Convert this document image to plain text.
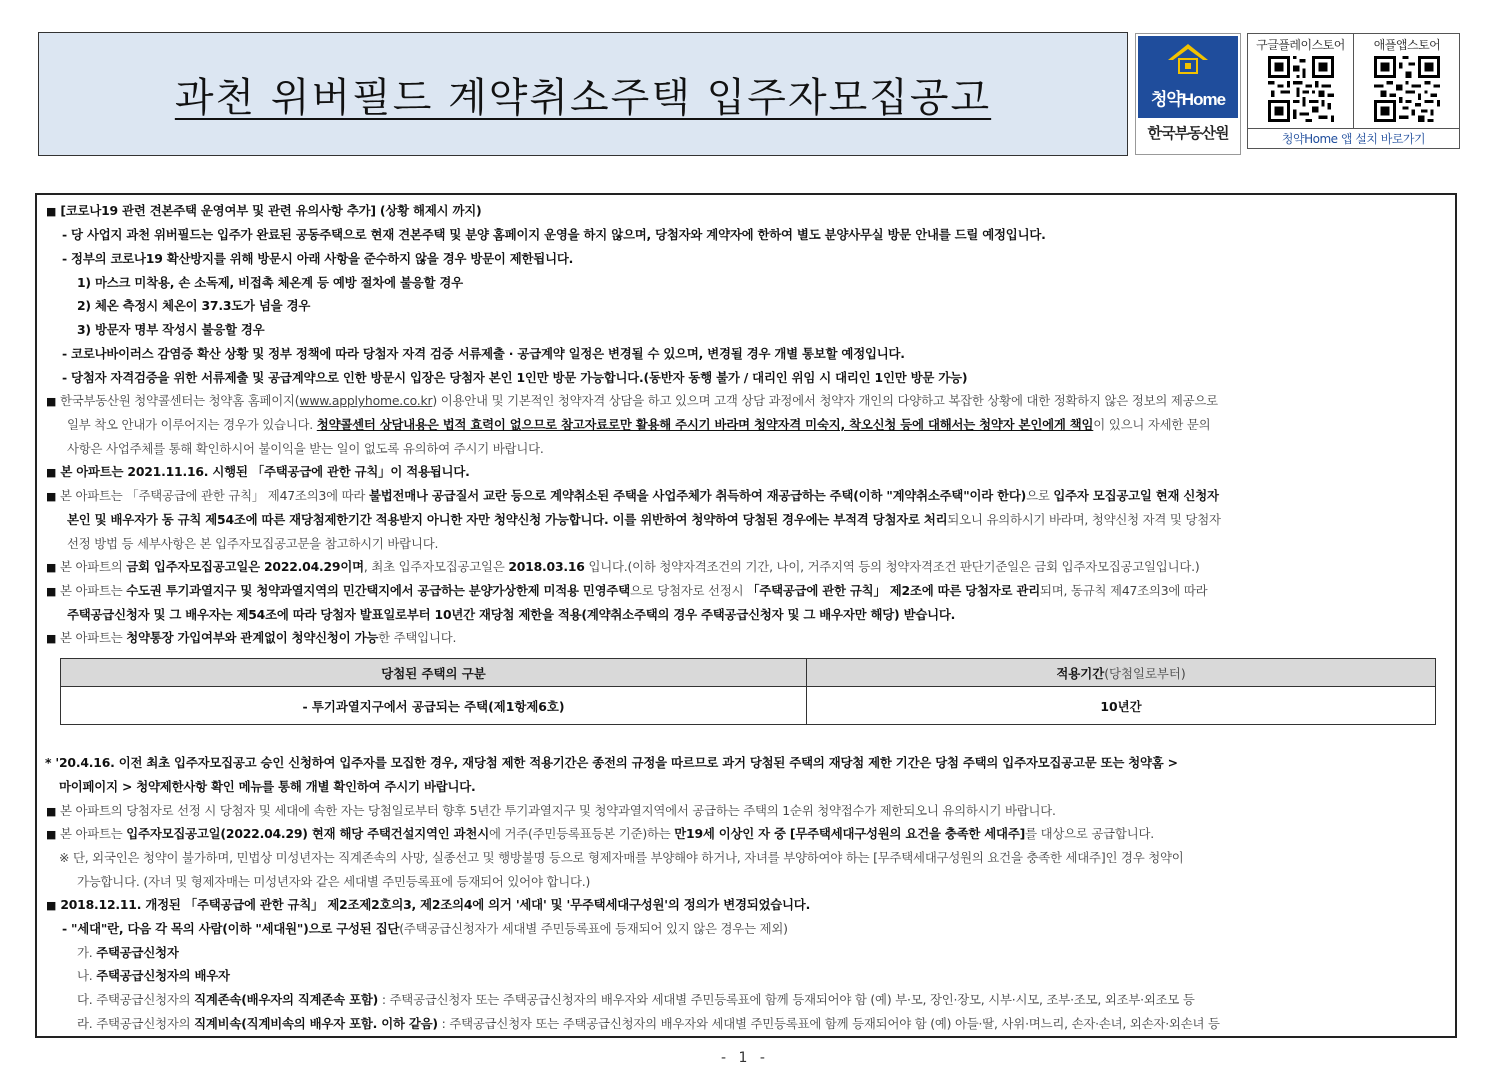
과천 위버필드 계약취소주택 입주자모집공고	청약Home
한국부동산원
구글플레이스토어	애플앱스토어
청약Home 앱 설치 바로가기
■ [코로나19 관련 견본주택 운영여부 및 관련 유의사항 추가] (상황 해제시 까지)
- 당 사업지 과천 위버필드는 입주가 완료된 공동주택으로 현재 견본주택 및 분양 홈페이지 운영을 하지 않으며, 당첨자와 계약자에 한하여 별도 분양사무실 방문 안내를 드릴 예정입니다.
- 정부의 코로나19 확산방지를 위해 방문시 아래 사항을 준수하지 않을 경우 방문이 제한됩니다.
1) 마스크 미착용, 손 소독제, 비접촉 체온계 등 예방 절차에 불응할 경우
2) 체온 측정시 체온이 37.3도가 넘을 경우
3) 방문자 명부 작성시 불응할 경우
- 코로나바이러스 감염증 확산 상황 및 정부 정책에 따라 당첨자 자격 검증 서류제출 · 공급계약 일정은 변경될 수 있으며, 변경될 경우 개별 통보할 예정입니다.
- 당첨자 자격검증을 위한 서류제출 및 공급계약으로 인한 방문시 입장은 당첨자 본인 1인만 방문 가능합니다.(동반자 동행 불가 / 대리인 위임 시 대리인 1인만 방문 가능)
■ 한국부동산원 청약콜센터는 청약홈 홈페이지(www.applyhome.co.kr) 이용안내 및 기본적인 청약자격 상담을 하고 있으며 고객 상담 과정에서 청약자 개인의 다양하고 복잡한 상황에 대한 정확하지 않은 정보의 제공으로
일부 착오 안내가 이루어지는 경우가 있습니다. 청약콜센터 상담내용은 법적 효력이 없으므로 참고자료로만 활용해 주시기 바라며 청약자격 미숙지, 착오신청 등에 대해서는 청약자 본인에게 책임이 있으니 자세한 문의
사항은 사업주체를 통해 확인하시어 불이익을 받는 일이 없도록 유의하여 주시기 바랍니다.
■ 본 아파트는 2021.11.16. 시행된 「주택공급에 관한 규칙」이 적용됩니다.
■ 본 아파트는 「주택공급에 관한 규칙」 제47조의3에 따라 불법전매나 공급질서 교란 등으로 계약취소된 주택을 사업주체가 취득하여 재공급하는 주택(이하 "계약취소주택"이라 한다)으로 입주자 모집공고일 현재 신청자
본인 및 배우자가 동 규칙 제54조에 따른 재당첨제한기간 적용받지 아니한 자만 청약신청 가능합니다. 이를 위반하여 청약하여 당첨된 경우에는 부적격 당첨자로 처리되오니 유의하시기 바라며, 청약신청 자격 및 당첨자
선정 방법 등 세부사항은 본 입주자모집공고문을 참고하시기 바랍니다.
■ 본 아파트의 금회 입주자모집공고일은 2022.04.29이며, 최초 입주자모집공고일은 2018.03.16 입니다.(이하 청약자격조건의 기간, 나이, 거주지역 등의 청약자격조건 판단기준일은 금회 입주자모집공고일입니다.)
■ 본 아파트는 수도권 투기과열지구 및 청약과열지역의 민간택지에서 공급하는 분양가상한제 미적용 민영주택으로 당첨자로 선정시 「주택공급에 관한 규칙」 제2조에 따른 당첨자로 관리되며, 동규칙 제47조의3에 따라
주택공급신청자 및 그 배우자는 제54조에 따라 당첨자 발표일로부터 10년간 재당첨 제한을 적용(계약취소주택의 경우 주택공급신청자 및 그 배우자만 해당) 받습니다.
■ 본 아파트는 청약통장 가입여부와 관계없이 청약신청이 가능한 주택입니다.
당첨된 주택의 구분	적용기간(당첨일로부터)
- 투기과열지구에서 공급되는 주택(제1항제6호)	10년간
* '20.4.16. 이전 최초 입주자모집공고 승인 신청하여 입주자를 모집한 경우, 재당첨 제한 적용기간은 종전의 규정을 따르므로 과거 당첨된 주택의 재당첨 제한 기간은 당첨 주택의 입주자모집공고문 또는 청약홈 >
마이페이지 > 청약제한사항 확인 메뉴를 통해 개별 확인하여 주시기 바랍니다.
■ 본 아파트의 당첨자로 선정 시 당첨자 및 세대에 속한 자는 당첨일로부터 향후 5년간 투기과열지구 및 청약과열지역에서 공급하는 주택의 1순위 청약접수가 제한되오니 유의하시기 바랍니다.
■ 본 아파트는 입주자모집공고일(2022.04.29) 현재 해당 주택건설지역인 과천시에 거주(주민등록표등본 기준)하는 만19세 이상인 자 중 [무주택세대구성원의 요건을 충족한 세대주]를 대상으로 공급합니다.
※ 단, 외국인은 청약이 불가하며, 민법상 미성년자는 직계존속의 사망, 실종선고 및 행방불명 등으로 형제자매를 부양해야 하거나, 자녀를 부양하여야 하는 [무주택세대구성원의 요건을 충족한 세대주]인 경우 청약이
가능합니다. (자녀 및 형제자매는 미성년자와 같은 세대별 주민등록표에 등재되어 있어야 합니다.)
■ 2018.12.11. 개정된 「주택공급에 관한 규칙」 제2조제2호의3, 제2조의4에 의거 '세대' 및 '무주택세대구성원'의 정의가 변경되었습니다.
- "세대"란, 다음 각 목의 사람(이하 "세대원")으로 구성된 집단(주택공급신청자가 세대별 주민등록표에 등재되어 있지 않은 경우는 제외)
가. 주택공급신청자
나. 주택공급신청자의 배우자
다. 주택공급신청자의 직계존속(배우자의 직계존속 포함) : 주택공급신청자 또는 주택공급신청자의 배우자와 세대별 주민등록표에 함께 등재되어야 함 (예) 부·모, 장인·장모, 시부·시모, 조부·조모, 외조부·외조모 등
라. 주택공급신청자의 직계비속(직계비속의 배우자 포함. 이하 같음) : 주택공급신청자 또는 주택공급신청자의 배우자와 세대별 주민등록표에 함께 등재되어야 함 (예) 아들·딸, 사위·며느리, 손자·손녀, 외손자·외손녀 등
- 1 -
